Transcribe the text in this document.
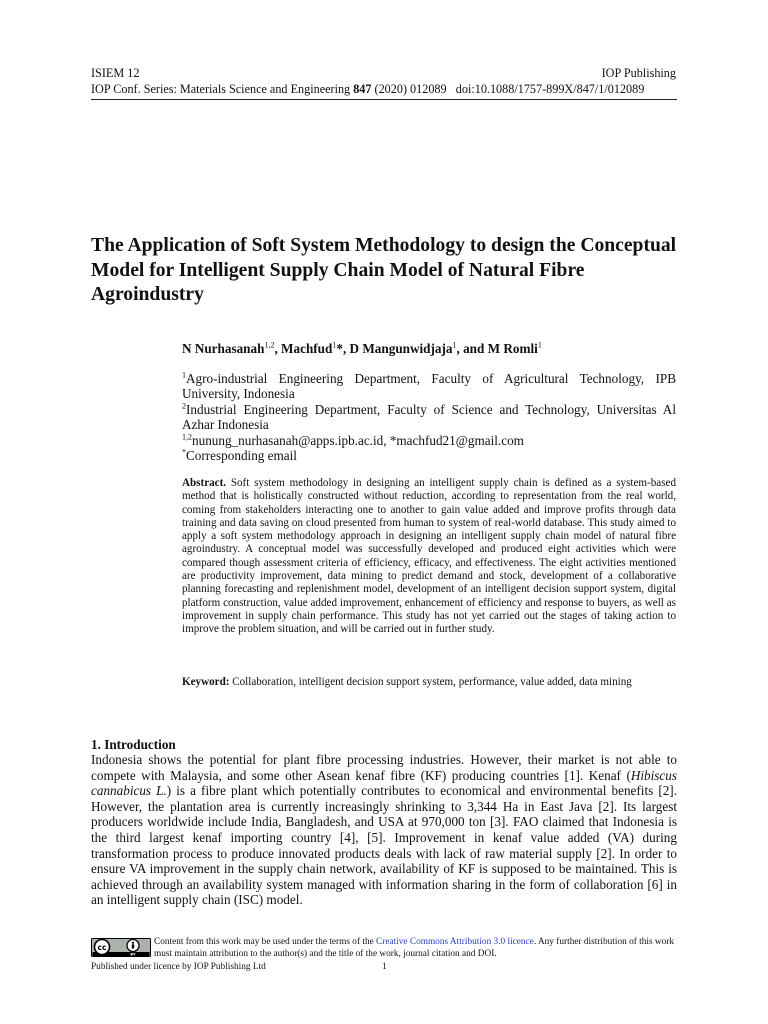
ISIEM 12	IOP Publishing
IOP Conf. Series: Materials Science and Engineering 847 (2020) 012089 doi:10.1088/1757-899X/847/1/012089
The Application of Soft System Methodology to design the Conceptual Model for Intelligent Supply Chain Model of Natural Fibre Agroindustry
N Nurhasanah$^{1,2}$, Machfud$^1$*, D Mangunwidjaja$^1$, and M Romli$^1$
$^1$Agro-industrial Engineering Department, Faculty of Agricultural Technology, IPB University, Indonesia
$^2$Industrial Engineering Department, Faculty of Science and Technology, Universitas Al Azhar Indonesia
$^{1,2}$nunung_nurhasanah@apps.ipb.ac.id, *machfud21@gmail.com
*Corresponding email
Abstract. Soft system methodology in designing an intelligent supply chain is defined as a system-based method that is holistically constructed without reduction, according to representation from the real world, coming from stakeholders interacting one to another to gain value added and improve profits through data training and data saving on cloud presented from human to system of real-world database. This study aimed to apply a soft system methodology approach in designing an intelligent supply chain model of natural fibre agroindustry. A conceptual model was successfully developed and produced eight activities which were compared though assessment criteria of efficiency, efficacy, and effectiveness. The eight activities mentioned are productivity improvement, data mining to predict demand and stock, development of a collaborative planning forecasting and replenishment model, development of an intelligent decision support system, digital platform construction, value added improvement, enhancement of efficiency and response to buyers, as well as improvement in supply chain performance. This study has not yet carried out the stages of taking action to improve the problem situation, and will be carried out in further study.
Keyword: Collaboration, intelligent decision support system, performance, value added, data mining
1. Introduction
Indonesia shows the potential for plant fibre processing industries. However, their market is not able to compete with Malaysia, and some other Asean kenaf fibre (KF) producing countries [1]. Kenaf (Hibiscus cannabicus L.) is a fibre plant which potentially contributes to economical and environmental benefits [2]. However, the plantation area is currently increasingly shrinking to 3,344 Ha in East Java [2]. Its largest producers worldwide include India, Bangladesh, and USA at 970,000 ton [3]. FAO claimed that Indonesia is the third largest kenaf importing country [4], [5]. Improvement in kenaf value added (VA) during transformation process to produce innovated products deals with lack of raw material supply [2]. In order to ensure VA improvement in the supply chain network, availability of KF is supposed to be maintained. This is achieved through an availability system managed with information sharing in the form of collaboration [6] in an intelligent supply chain (ISC) model.
cc
BY
Content from this work may be used under the terms of the Creative Commons Attribution 3.0 licence. Any further distribution of this work must maintain attribution to the author(s) and the title of the work, journal citation and DOI.
Published under licence by IOP Publishing Ltd	1
